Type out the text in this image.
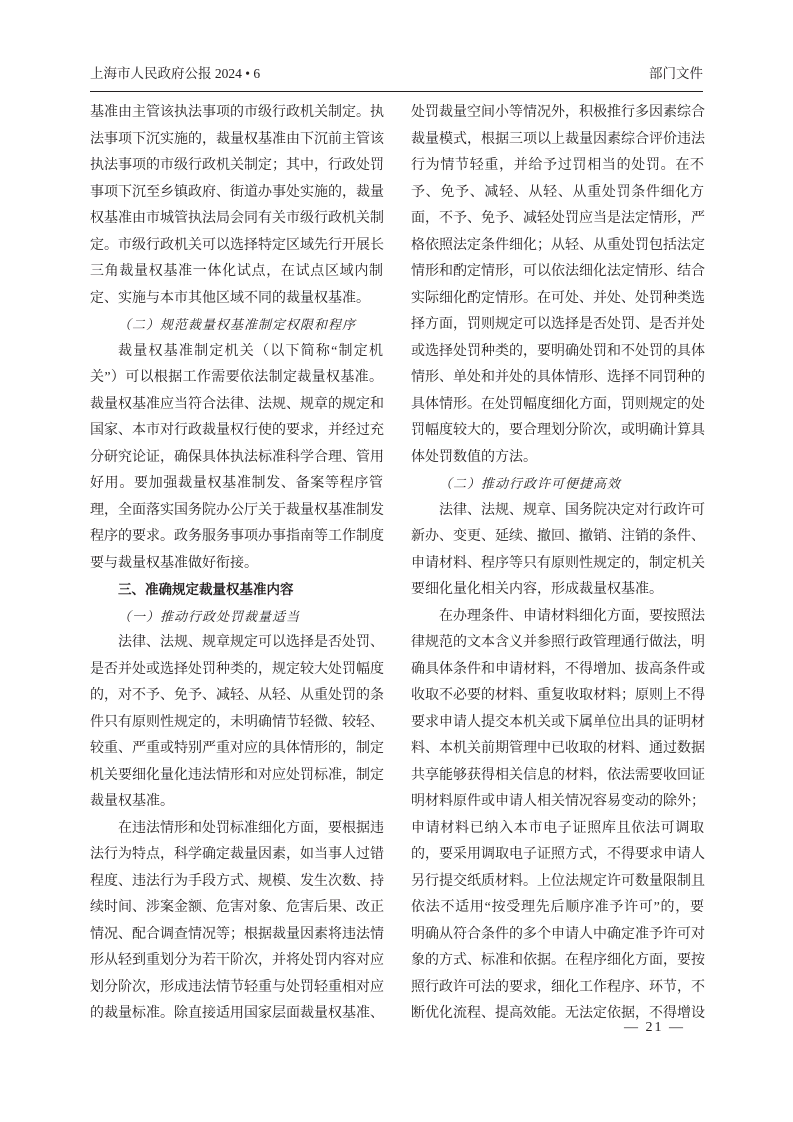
上海市人民政府公报 2024 • 6	部门文件
基准由主管该执法事项的市级行政机关制定。执
法事项下沉实施的，裁量权基准由下沉前主管该
执法事项的市级行政机关制定；其中，行政处罚
事项下沉至乡镇政府、街道办事处实施的，裁量
权基准由市城管执法局会同有关市级行政机关制
定。市级行政机关可以选择特定区域先行开展长
三角裁量权基准一体化试点，在试点区域内制
定、实施与本市其他区域不同的裁量权基准。
（二）规范裁量权基准制定权限和程序
裁量权基准制定机关（以下简称“制定机
关”）可以根据工作需要依法制定裁量权基准。
裁量权基准应当符合法律、法规、规章的规定和
国家、本市对行政裁量权行使的要求，并经过充
分研究论证，确保具体执法标准科学合理、管用
好用。要加强裁量权基准制发、备案等程序管
理，全面落实国务院办公厅关于裁量权基准制发
程序的要求。政务服务事项办事指南等工作制度
要与裁量权基准做好衔接。
三、准确规定裁量权基准内容
（一）推动行政处罚裁量适当
法律、法规、规章规定可以选择是否处罚、
是否并处或选择处罚种类的，规定较大处罚幅度
的，对不予、免予、减轻、从轻、从重处罚的条
件只有原则性规定的，未明确情节轻微、较轻、
较重、严重或特别严重对应的具体情形的，制定
机关要细化量化违法情形和对应处罚标准，制定
裁量权基准。
在违法情形和处罚标准细化方面，要根据违
法行为特点，科学确定裁量因素，如当事人过错
程度、违法行为手段方式、规模、发生次数、持
续时间、涉案金额、危害对象、危害后果、改正
情况、配合调查情况等；根据裁量因素将违法情
形从轻到重划分为若干阶次，并将处罚内容对应
划分阶次，形成违法情节轻重与处罚轻重相对应
的裁量标准。除直接适用国家层面裁量权基准、
处罚裁量空间小等情况外，积极推行多因素综合
裁量模式，根据三项以上裁量因素综合评价违法
行为情节轻重，并给予过罚相当的处罚。在不
予、免予、减轻、从轻、从重处罚条件细化方
面，不予、免予、减轻处罚应当是法定情形，严
格依照法定条件细化；从轻、从重处罚包括法定
情形和酌定情形，可以依法细化法定情形、结合
实际细化酌定情形。在可处、并处、处罚种类选
择方面，罚则规定可以选择是否处罚、是否并处
或选择处罚种类的，要明确处罚和不处罚的具体
情形、单处和并处的具体情形、选择不同罚种的
具体情形。在处罚幅度细化方面，罚则规定的处
罚幅度较大的，要合理划分阶次，或明确计算具
体处罚数值的方法。
（二）推动行政许可便捷高效
法律、法规、规章、国务院决定对行政许可
新办、变更、延续、撤回、撤销、注销的条件、
申请材料、程序等只有原则性规定的，制定机关
要细化量化相关内容，形成裁量权基准。
在办理条件、申请材料细化方面，要按照法
律规范的文本含义并参照行政管理通行做法，明
确具体条件和申请材料，不得增加、拔高条件或
收取不必要的材料、重复收取材料；原则上不得
要求申请人提交本机关或下属单位出具的证明材
料、本机关前期管理中已收取的材料、通过数据
共享能够获得相关信息的材料，依法需要收回证
明材料原件或申请人相关情况容易变动的除外；
申请材料已纳入本市电子证照库且依法可调取
的，要采用调取电子证照方式，不得要求申请人
另行提交纸质材料。上位法规定许可数量限制且
依法不适用“按受理先后顺序准予许可”的，要
明确从符合条件的多个申请人中确定准予许可对
象的方式、标准和依据。在程序细化方面，要按
照行政许可法的要求，细化工作程序、环节，不
断优化流程、提高效能。无法定依据，不得增设
— 21 —
